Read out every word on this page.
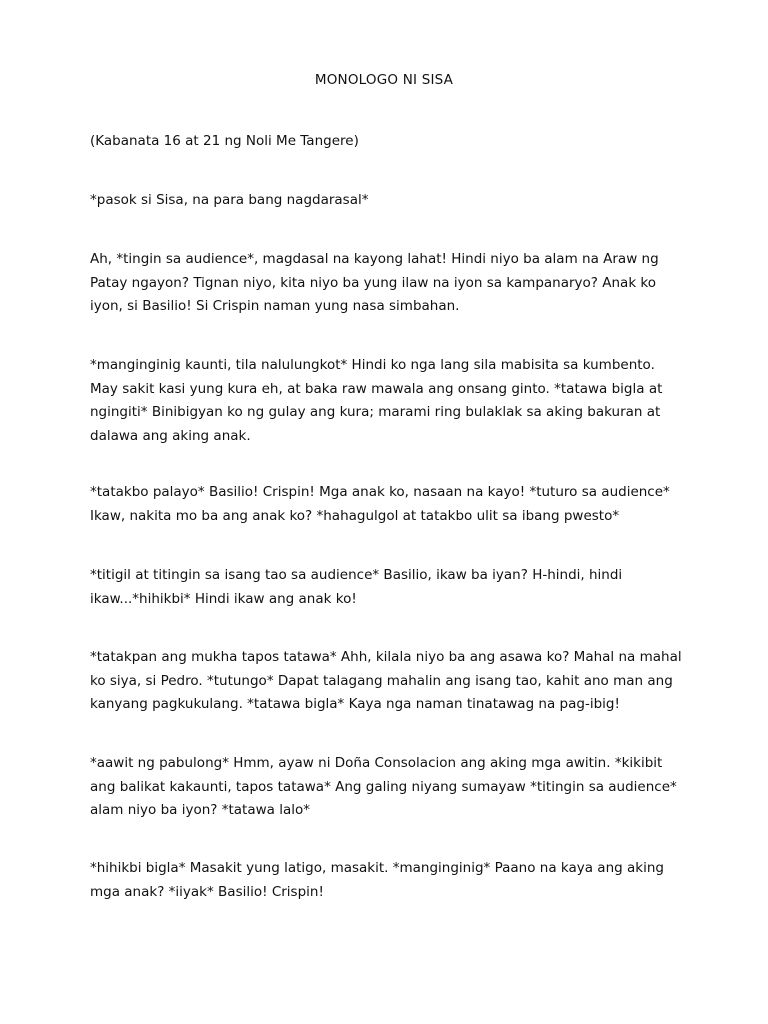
MONOLOGO NI SISA

(Kabanata 16 at 21 ng Noli Me Tangere)

*pasok si Sisa, na para bang nagdarasal*

Ah, *tingin sa audience*, magdasal na kayong lahat! Hindi niyo ba alam na Araw ng
Patay ngayon? Tignan niyo, kita niyo ba yung ilaw na iyon sa kampanaryo? Anak ko
iyon, si Basilio! Si Crispin naman yung nasa simbahan.

*manginginig kaunti, tila nalulungkot* Hindi ko nga lang sila mabisita sa kumbento.
May sakit kasi yung kura eh, at baka raw mawala ang onsang ginto. *tatawa bigla at
ngingiti* Binibigyan ko ng gulay ang kura; marami ring bulaklak sa aking bakuran at
dalawa ang aking anak.

*tatakbo palayo* Basilio! Crispin! Mga anak ko, nasaan na kayo! *tuturo sa audience*
Ikaw, nakita mo ba ang anak ko? *hahagulgol at tatakbo ulit sa ibang pwesto*

*titigil at titingin sa isang tao sa audience* Basilio, ikaw ba iyan? H-hindi, hindi
ikaw...*hihikbi* Hindi ikaw ang anak ko!

*tatakpan ang mukha tapos tatawa* Ahh, kilala niyo ba ang asawa ko? Mahal na mahal
ko siya, si Pedro. *tutungo* Dapat talagang mahalin ang isang tao, kahit ano man ang
kanyang pagkukulang. *tatawa bigla* Kaya nga naman tinatawag na pag-ibig!

*aawit ng pabulong* Hmm, ayaw ni Doña Consolacion ang aking mga awitin. *kikibit
ang balikat kakaunti, tapos tatawa* Ang galing niyang sumayaw *titingin sa audience*
alam niyo ba iyon? *tatawa lalo*

*hihikbi bigla* Masakit yung latigo, masakit. *manginginig* Paano na kaya ang aking
mga anak? *iiyak* Basilio! Crispin!
